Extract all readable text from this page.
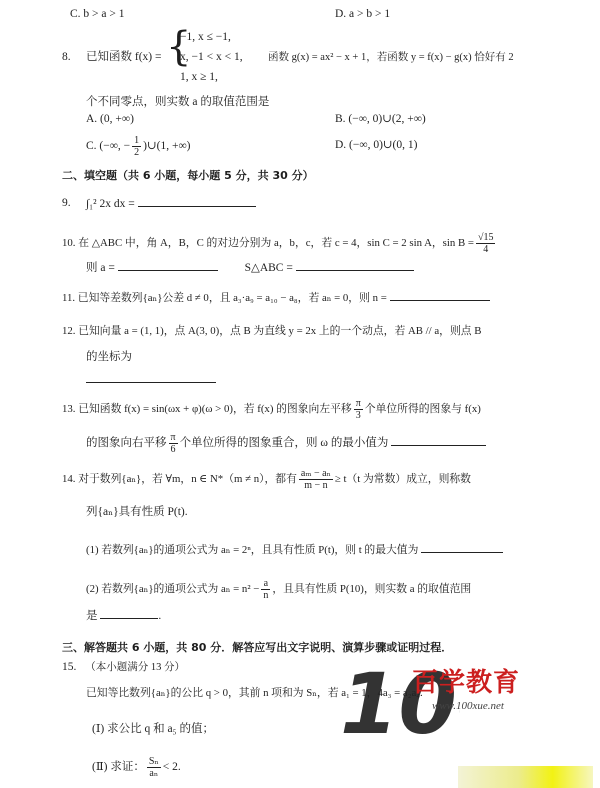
C. b > a > 1	D. a > b > 1
8. 已知函数 f(x) = {
−1, x ≤ −1,
x, −1 < x < 1,
1, x ≥ 1,
函数 g(x) = ax² − x + 1，若函数 y = f(x) − g(x) 恰好有 2
个不同零点，则实数 a 的取值范围是
A. (0, +∞)	B. (−∞, 0)∪(2, +∞)
C. (−∞, − $\frac{1}{2}$ )∪(1, +∞)	D. (−∞, 0)∪(0, 1)
二、填空题（共 6 小题，每小题 5 分，共 30 分）
9. ∫₁² 2x dx =
10. 在 △ABC 中，角 A，B，C 的对边分别为 a，b，c，若 c = 4，sin C = 2 sin A，$\sin B = \frac{√15}{4}$
则 a =	S△ABC =
11. 已知等差数列{aₙ}公差 d ≠ 0，且 a₃·a₉ = a₁₀ − a₈，若 aₙ = 0，则 n =
12. 已知向量 a = (1, 1)，点 A(3, 0)，点 B 为直线 y = 2x 上的一个动点，若 AB // a，则点 B
的坐标为
13. 已知函数 f(x) = sin(ωx + φ)(ω > 0)，若 f(x) 的图象向左平移 $\frac{\pi}{3}$ 个单位所得的图象与 f(x)
的图象向右平移 $\frac{\pi}{6}$ 个单位所得的图象重合，则 ω 的最小值为
14. 对于数列{aₙ}，若 ∀m，n ∈ N*（m ≠ n），都有 $\frac{\text{aₘ − aₙ}}{m - n} \ge t(t$ 为常数）成立，则称数
列{aₙ}具有性质 P(t).
(1) 若数列{aₙ}的通项公式为 aₙ = 2ⁿ，且具有性质 P(t)，则 t 的最大值为
(2) 若数列{aₙ}的通项公式为 $a_n = n^2 - \frac{a}{n}$ ，且具有性质 P(10)，则实数 a 的取值范围
是	.
三、解答题共 6 小题，共 80 分．解答应写出文字说明、演算步骤或证明过程．
15. （本小题满分 13 分）
已知等比数列{aₙ}的公比 q > 0，其前 n 项和为 Sₙ，若 a₁ = 1，4a₃ = a₂a₄.
(Ⅰ) 求公比 q 和 a₅ 的值；
(Ⅱ) 求证： $\frac{\text{Sₙ}}{\text{aₙ}} < 2$.
10
百学教育
www.100xue.net
